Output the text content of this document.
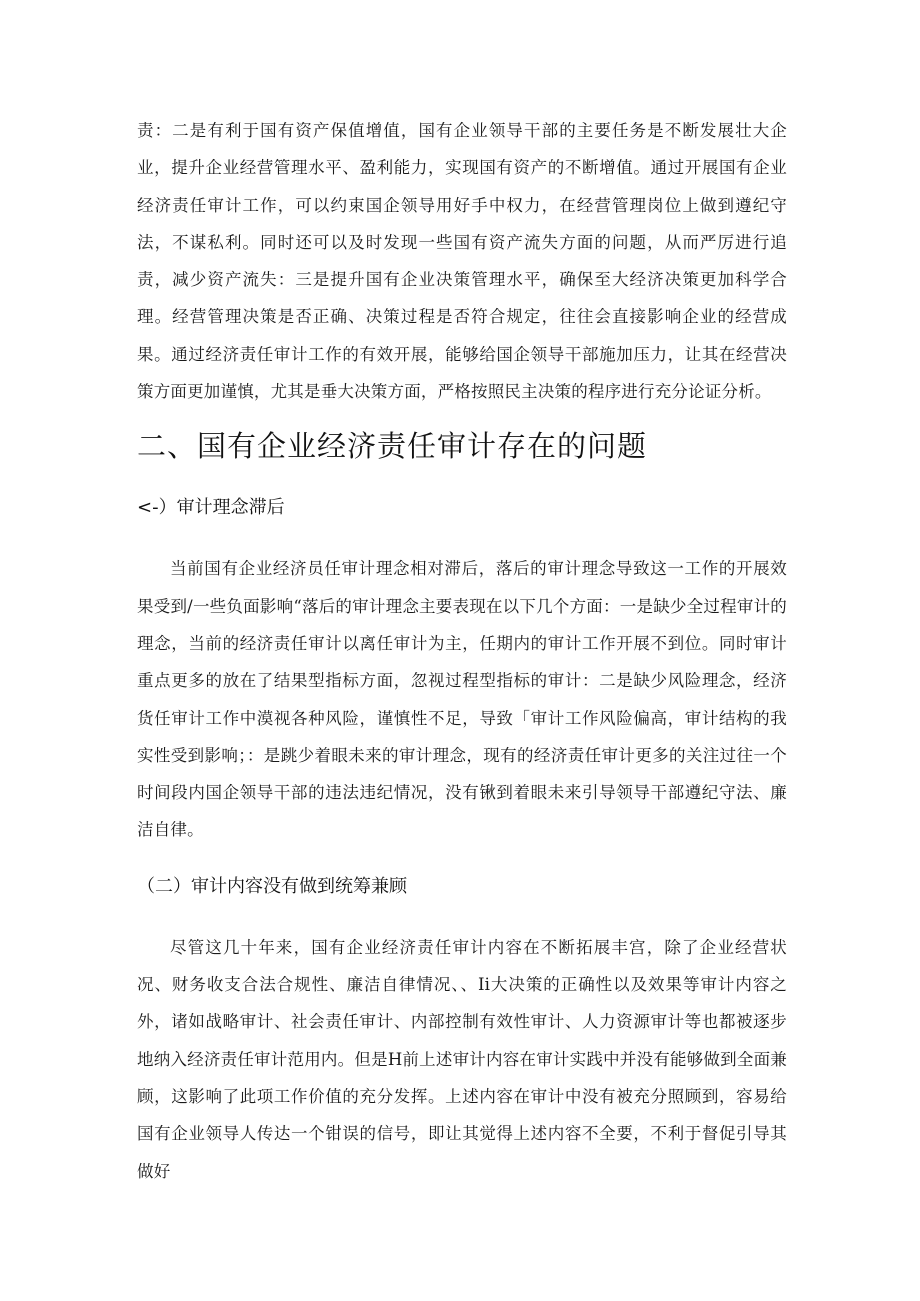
责：二是有利于国有资产保值增值，国有企业领导干部的主要任务是不断发展壮大企业，提升企业经营管理水平、盈利能力，实现国有资产的不断增值。通过开展国有企业经济责任审计工作，可以约束国企领导用好手中权力，在经营管理岗位上做到遵纪守法，不谋私利。同时还可以及时发现一些国有资产流失方面的问题，从而严厉进行追责，减少资产流失：三是提升国有企业决策管理水平，确保至大经济决策更加科学合理。经营管理决策是否正确、决策过程是否符合规定，往往会直接影响企业的经营成果。通过经济责任审计工作的有效开展，能够给国企领导干部施加压力，让其在经营决策方面更加谨慎，尤其是垂大决策方面，严格按照民主决策的程序进行充分论证分析。

二、国有企业经济责任审计存在的问题
<-）审计理念滞后

当前国有企业经济员任审计理念相对滞后，落后的审计理念导致这一工作的开展效果受到/一些负面影响“落后的审计理念主要表现在以下几个方面：一是缺少全过程审计的理念，当前的经济责任审计以离任审计为主，任期内的审计工作开展不到位。同时审计重点更多的放在了结果型指标方面，忽视过程型指标的审计：二是缺少风险理念，经济货任审计工作中漠视各种风险，谨慎性不足，导致「审计工作风险偏高，审计结构的我实性受到影响；：是跳少着眼未来的审计理念，现有的经济责任审计更多的关注过往一个时间段内国企领导干部的违法违纪情况，没有锹到着眼未来引导领导干部遵纪守法、廉洁自律。

（二）审计内容没有做到统筹兼顾

尽管这几十年来，国有企业经济责任审计内容在不断拓展丰宫，除了企业经营状况、财务收支合法合规性、廉洁自律情况、、Ii大决策的正确性以及效果等审计内容之外，诸如战略审计、社会责任审计、内部控制有效性审计、人力资源审计等也都被逐步地纳入经济责任审计范用内。但是H前上述审计内容在审计实践中并没有能够做到全面兼顾，这影响了此项工作价值的充分发挥。上述内容在审计中没有被充分照顾到，容易给国有企业领导人传达一个钳误的信号，即让其觉得上述内容不全要，不利于督促引导其做好
